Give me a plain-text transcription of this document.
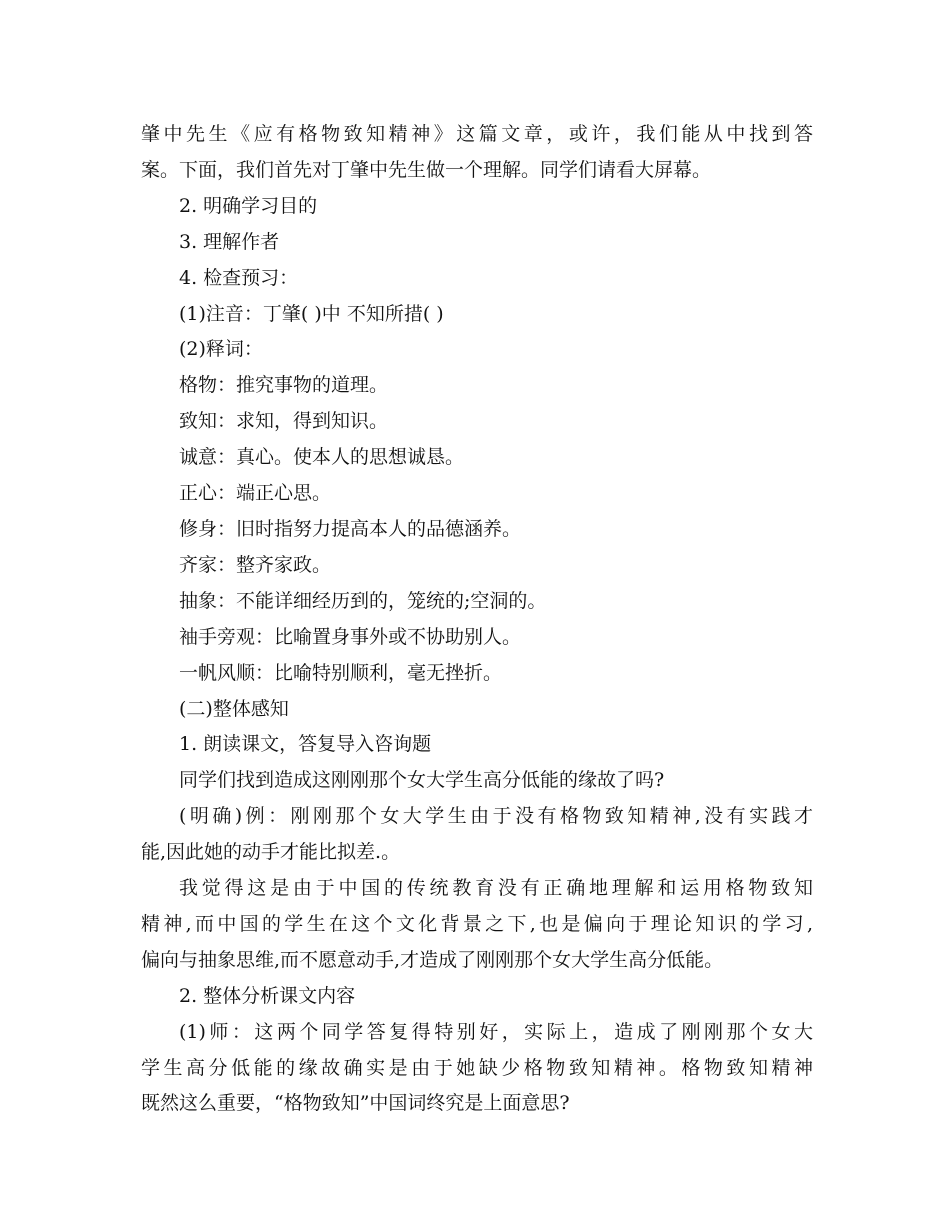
肇中先生《应有格物致知精神》这篇文章，或许，我们能从中找到答

案。下面，我们首先对丁肇中先生做一个理解。同学们请看大屏幕。

2. 明确学习目的

3. 理解作者

4. 检查预习：

(1)注音：丁肇( )中 不知所措( )

(2)释词：

格物：推究事物的道理。

致知：求知，得到知识。

诚意：真心。使本人的思想诚恳。

正心：端正心思。

修身：旧时指努力提高本人的品德涵养。

齐家：整齐家政。

抽象：不能详细经历到的，笼统的;空洞的。

袖手旁观：比喻置身事外或不协助别人。

一帆风顺：比喻特别顺利，毫无挫折。

(二)整体感知

1. 朗读课文，答复导入咨询题

同学们找到造成这刚刚那个女大学生高分低能的缘故了吗?

(明确)例：刚刚那个女大学生由于没有格物致知精神,没有实践才

能,因此她的动手才能比拟差.。

我觉得这是由于中国的传统教育没有正确地理解和运用格物致知

精神,而中国的学生在这个文化背景之下,也是偏向于理论知识的学习,

偏向与抽象思维,而不愿意动手,才造成了刚刚那个女大学生高分低能。

2. 整体分析课文内容

(1)师：这两个同学答复得特别好，实际上，造成了刚刚那个女大

学生高分低能的缘故确实是由于她缺少格物致知精神。格物致知精神

既然这么重要，“格物致知”中国词终究是上面意思?
